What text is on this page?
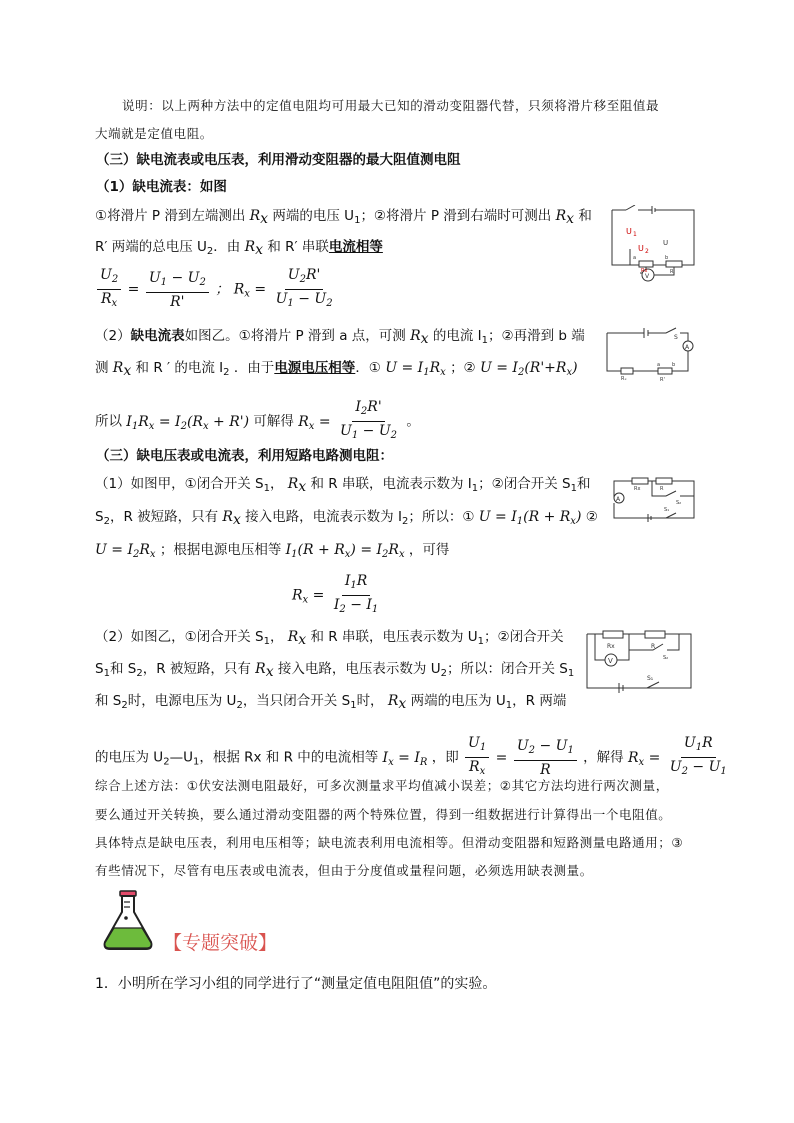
说明：以上两种方法中的定值电阻均可用最大已知的滑动变阻器代替，只须将滑片移至阻值最
大端就是定值电阻。
（三）缺电流表或电压表，利用滑动变阻器的最大阻值测电阻
（1）缺电流表：如图
①将滑片 P 滑到左端测出 $R_x$ 两端的电压 $U_1$；②将滑片 P 滑到右端时可测出 $R_x$ 和
R′ 两端的总电压 $U_2$．由 $R_x$ 和 R′ 串联电流相等
$\frac{U_2}{R_x} = \frac{U_1 - U_2}{R'}$ ； $R_x = \frac{U_2R'}{U_1 - U_2}$
（2）缺电流表如图乙。①将滑片 P 滑到 a 点，可测 $R_x$ 的电流 $I_1$；②再滑到 b 端
测 $R_x$ 和 R ′ 的电流 $I_2$ ．由于电源电压相等．① $U = I_1R_x$ ；② $U = I_2(R'+R_x)$
所以 $I_1R_x = I_2(R_x + R')$ 可解得 $R_x = \frac{I_2R'}{U_1 - U_2}$ 。
（三）缺电压表或电流表，利用短路电路测电阻：
（1）如图甲，①闭合开关 $S_1$， $R_x$ 和 R 串联，电流表示数为 $I_1$；②闭合开关 $S_1$和
$S_2$，R 被短路，只有 $R_x$ 接入电路，电流表示数为 $I_2$；所以：① $U = I_1(R + R_x)$ ②
$U = I_2R_x$ ；根据电源电压相等 $I_1(R + R_x) = I_2R_x$ ，可得
$R_x = \frac{I_1R}{I_2 - I_1}$
（2）如图乙，①闭合开关 $S_1$， $R_x$ 和 R 串联，电压表示数为 $U_1$；②闭合开关
$S_1$和 $S_2$，R 被短路，只有 $R_x$ 接入电路，电压表示数为 $U_2$；所以：闭合开关 $S_1$
和 $S_2$时，电源电压为 $U_2$，当只闭合开关 $S_1$时， $R_x$ 两端的电压为 $U_1$，R 两端
的电压为 $U_2—U_1$，根据 Rx 和 R 中的电流相等 $I_x = I_R$ ，即 $\frac{U_1}{R_x} = \frac{U_2 - U_1}{R}$ ，解得 $R_x = \frac{U_1R}{U_2 - U_1}$
综合上述方法：①伏安法测电阻最好，可多次测量求平均值减小误差；②其它方法均进行两次测量，
要么通过开关转换，要么通过滑动变阻器的两个特殊位置，得到一组数据进行计算得出一个电阻值。
具体特点是缺电压表，利用电压相等；缺电流表利用电流相等。但滑动变阻器和短路测量电路通用；③
有些情况下，尽管有电压表或电流表，但由于分度值或量程问题，必须选用缺表测量。
【专题突破】
1．小明所在学习小组的同学进行了“测量定值电阻阻值”的实验。
U 1
U
U 2
a	b
Rx	R'
V
S
A
a b
Rₓ	R'
A
Rx	R
S₂
S₁
Rx	R
V	S₂
S₁
